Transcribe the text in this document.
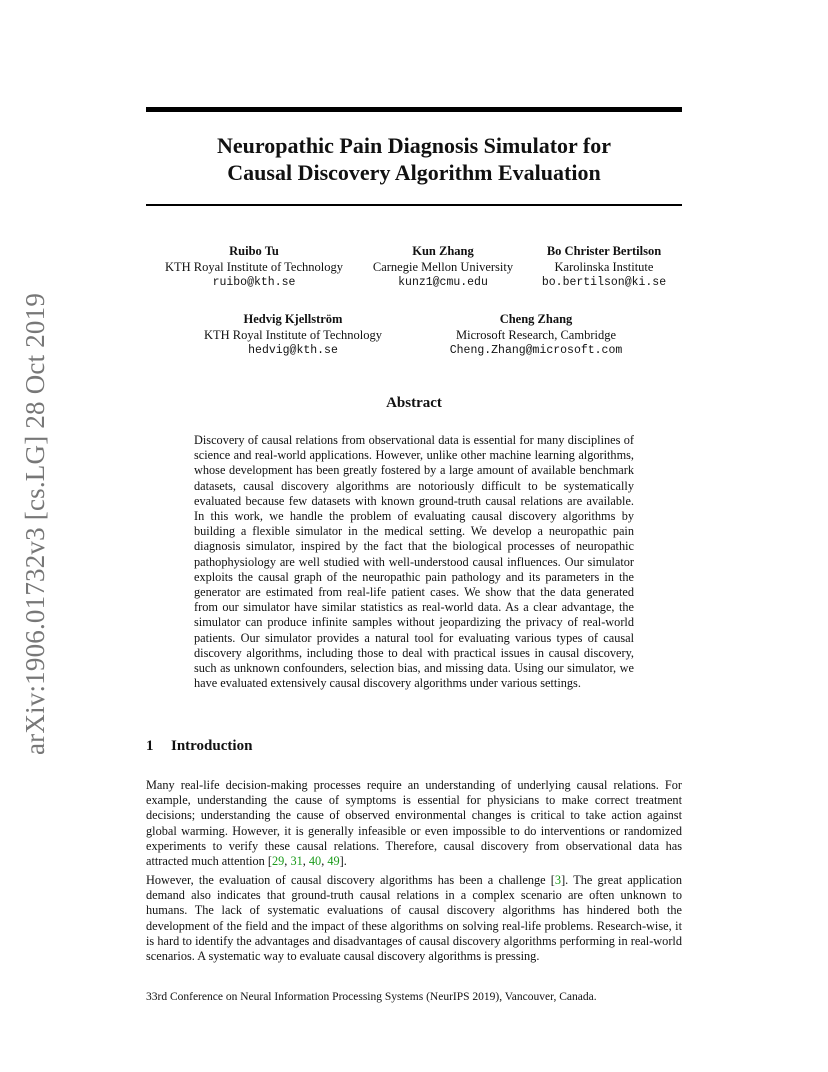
Neuropathic Pain Diagnosis Simulator for
Causal Discovery Algorithm Evaluation
Ruibo Tu
KTH Royal Institute of Technology
ruibo@kth.se
Kun Zhang
Carnegie Mellon University
kunz1@cmu.edu
Bo Christer Bertilson
Karolinska Institute
bo.bertilson@ki.se
Hedvig Kjellström
KTH Royal Institute of Technology
hedvig@kth.se
Cheng Zhang
Microsoft Research, Cambridge
Cheng.Zhang@microsoft.com
arXiv:1906.01732v3 [cs.LG] 28 Oct 2019	Abstract
Discovery of causal relations from observational data is essential for many disciplines of science and real-world applications. However, unlike other machine learning algorithms, whose development has been greatly fostered by a large amount of available benchmark datasets, causal discovery algorithms are notoriously difficult to be systematically evaluated because few datasets with known ground-truth causal relations are available. In this work, we handle the problem of evaluating causal discovery algorithms by building a flexible simulator in the medical setting. We develop a neuropathic pain diagnosis simulator, inspired by the fact that the biological processes of neuropathic pathophysiology are well studied with well-understood causal influences. Our simulator exploits the causal graph of the neuropathic pain pathology and its parameters in the generator are estimated from real-life patient cases. We show that the data generated from our simulator have similar statistics as real-world data. As a clear advantage, the simulator can produce infinite samples without jeopardizing the privacy of real-world patients. Our simulator provides a natural tool for evaluating various types of causal discovery algorithms, including those to deal with practical issues in causal discovery, such as unknown confounders, selection bias, and missing data. Using our simulator, we have evaluated extensively causal discovery algorithms under various settings.
1 Introduction

Many real-life decision-making processes require an understanding of underlying causal relations. For example, understanding the cause of symptoms is essential for physicians to make correct treatment decisions; understanding the cause of observed environmental changes is critical to take action against global warming. However, it is generally infeasible or even impossible to do interventions or randomized experiments to verify these causal relations. Therefore, causal discovery from observational data has attracted much attention [29, 31, 40, 49].

However, the evaluation of causal discovery algorithms has been a challenge [3]. The great application demand also indicates that ground-truth causal relations in a complex scenario are often unknown to humans. The lack of systematic evaluations of causal discovery algorithms has hindered both the development of the field and the impact of these algorithms on solving real-life problems. Research-wise, it is hard to identify the advantages and disadvantages of causal discovery algorithms performing in real-world scenarios. A systematic way to evaluate causal discovery algorithms is pressing.

33rd Conference on Neural Information Processing Systems (NeurIPS 2019), Vancouver, Canada.
